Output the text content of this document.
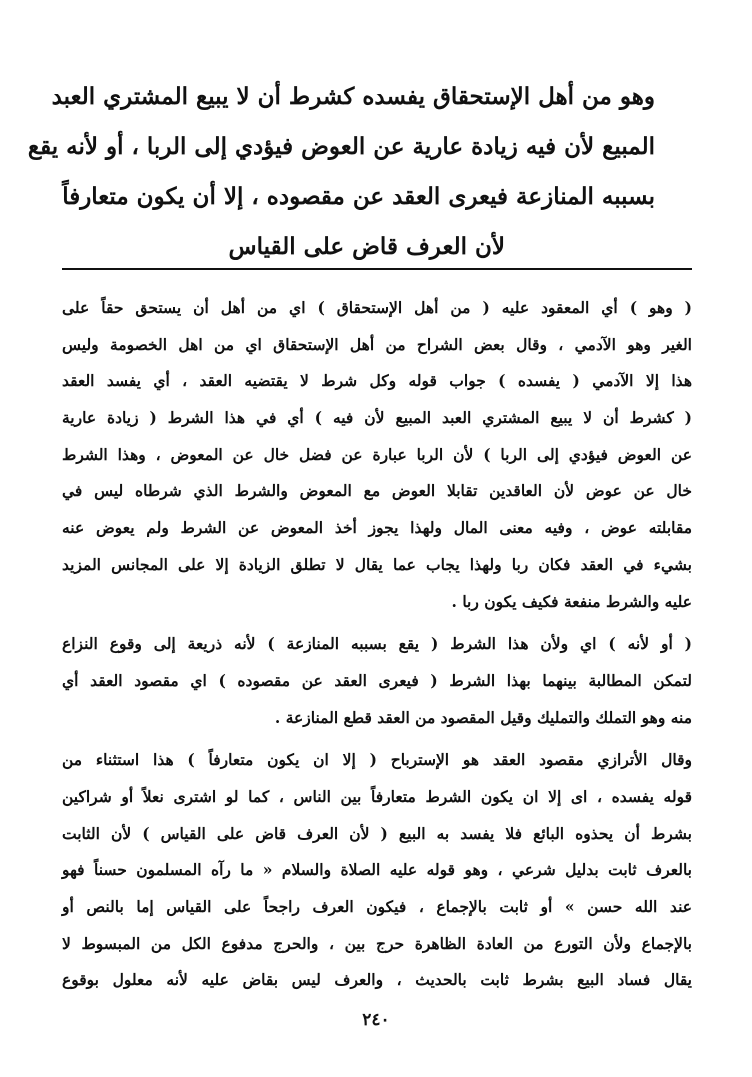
وهو من أهل الإستحقاق يفسده كشرط أن لا يبيع المشتري العبد
المبيع لأن فيه زيادة عارية عن العوض فيؤدي إلى الربا ، أو لأنه يقع
بسببه المنازعة فيعرى العقد عن مقصوده ، إلا أن يكون متعارفاً
لأن العرف قاض على القياس
( وهو ) أي المعقود عليه ( من أهل الإستحقاق ) اي من أهل أن يستحق حقاً على
الغير وهو الآدمي ، وقال بعض الشراح من أهل الإستحقاق اي من اهل الخصومة وليس
هذا إلا الآدمي ( يفسده ) جواب قوله وكل شرط لا يقتضيه العقد ، أي يفسد العقد
( كشرط أن لا يبيع المشتري العبد المبيع لأن فيه ) أي في هذا الشرط ( زيادة عارية
عن العوض فيؤدي إلى الربا ) لأن الربا عبارة عن فضل خال عن المعوض ، وهذا الشرط
خال عن عوض لأن العاقدين تقابلا العوض مع المعوض والشرط الذي شرطاه ليس في
مقابلته عوض ، وفيه معنى المال ولهذا يجوز أخذ المعوض عن الشرط ولم يعوض عنه
بشيء في العقد فكان ربا ولهذا يجاب عما يقال لا تطلق الزيادة إلا على المجانس المزيد
عليه والشرط منفعة فكيف يكون ربا .
( أو لأنه ) اي ولأن هذا الشرط ( يقع بسببه المنازعة ) لأنه ذريعة إلى وقوع النزاع
لتمكن المطالبة بينهما بهذا الشرط ( فيعرى العقد عن مقصوده ) اي مقصود العقد أي
منه وهو التملك والتمليك وقيل المقصود من العقد قطع المنازعة .
وقال الأترازي مقصود العقد هو الإسترباح ( إلا ان يكون متعارفاً ) هذا استثناء من
قوله يفسده ، اى إلا ان يكون الشرط متعارفاً بين الناس ، كما لو اشترى نعلاً أو شراكين
بشرط أن يحذوه البائع فلا يفسد به البيع ( لأن العرف قاض على القياس ) لأن الثابت
بالعرف ثابت بدليل شرعي ، وهو قوله عليه الصلاة والسلام « ما رآه المسلمون حسناً فهو
عند الله حسن » أو ثابت بالإجماع ، فيكون العرف راجحاً على القياس إما بالنص أو
بالإجماع ولأن التورع من العادة الظاهرة حرج بين ، والحرج مدفوع الكل من المبسوط لا
يقال فساد البيع بشرط ثابت بالحديث ، والعرف ليس بقاض عليه لأنه معلول بوقوع
٢٤٠
